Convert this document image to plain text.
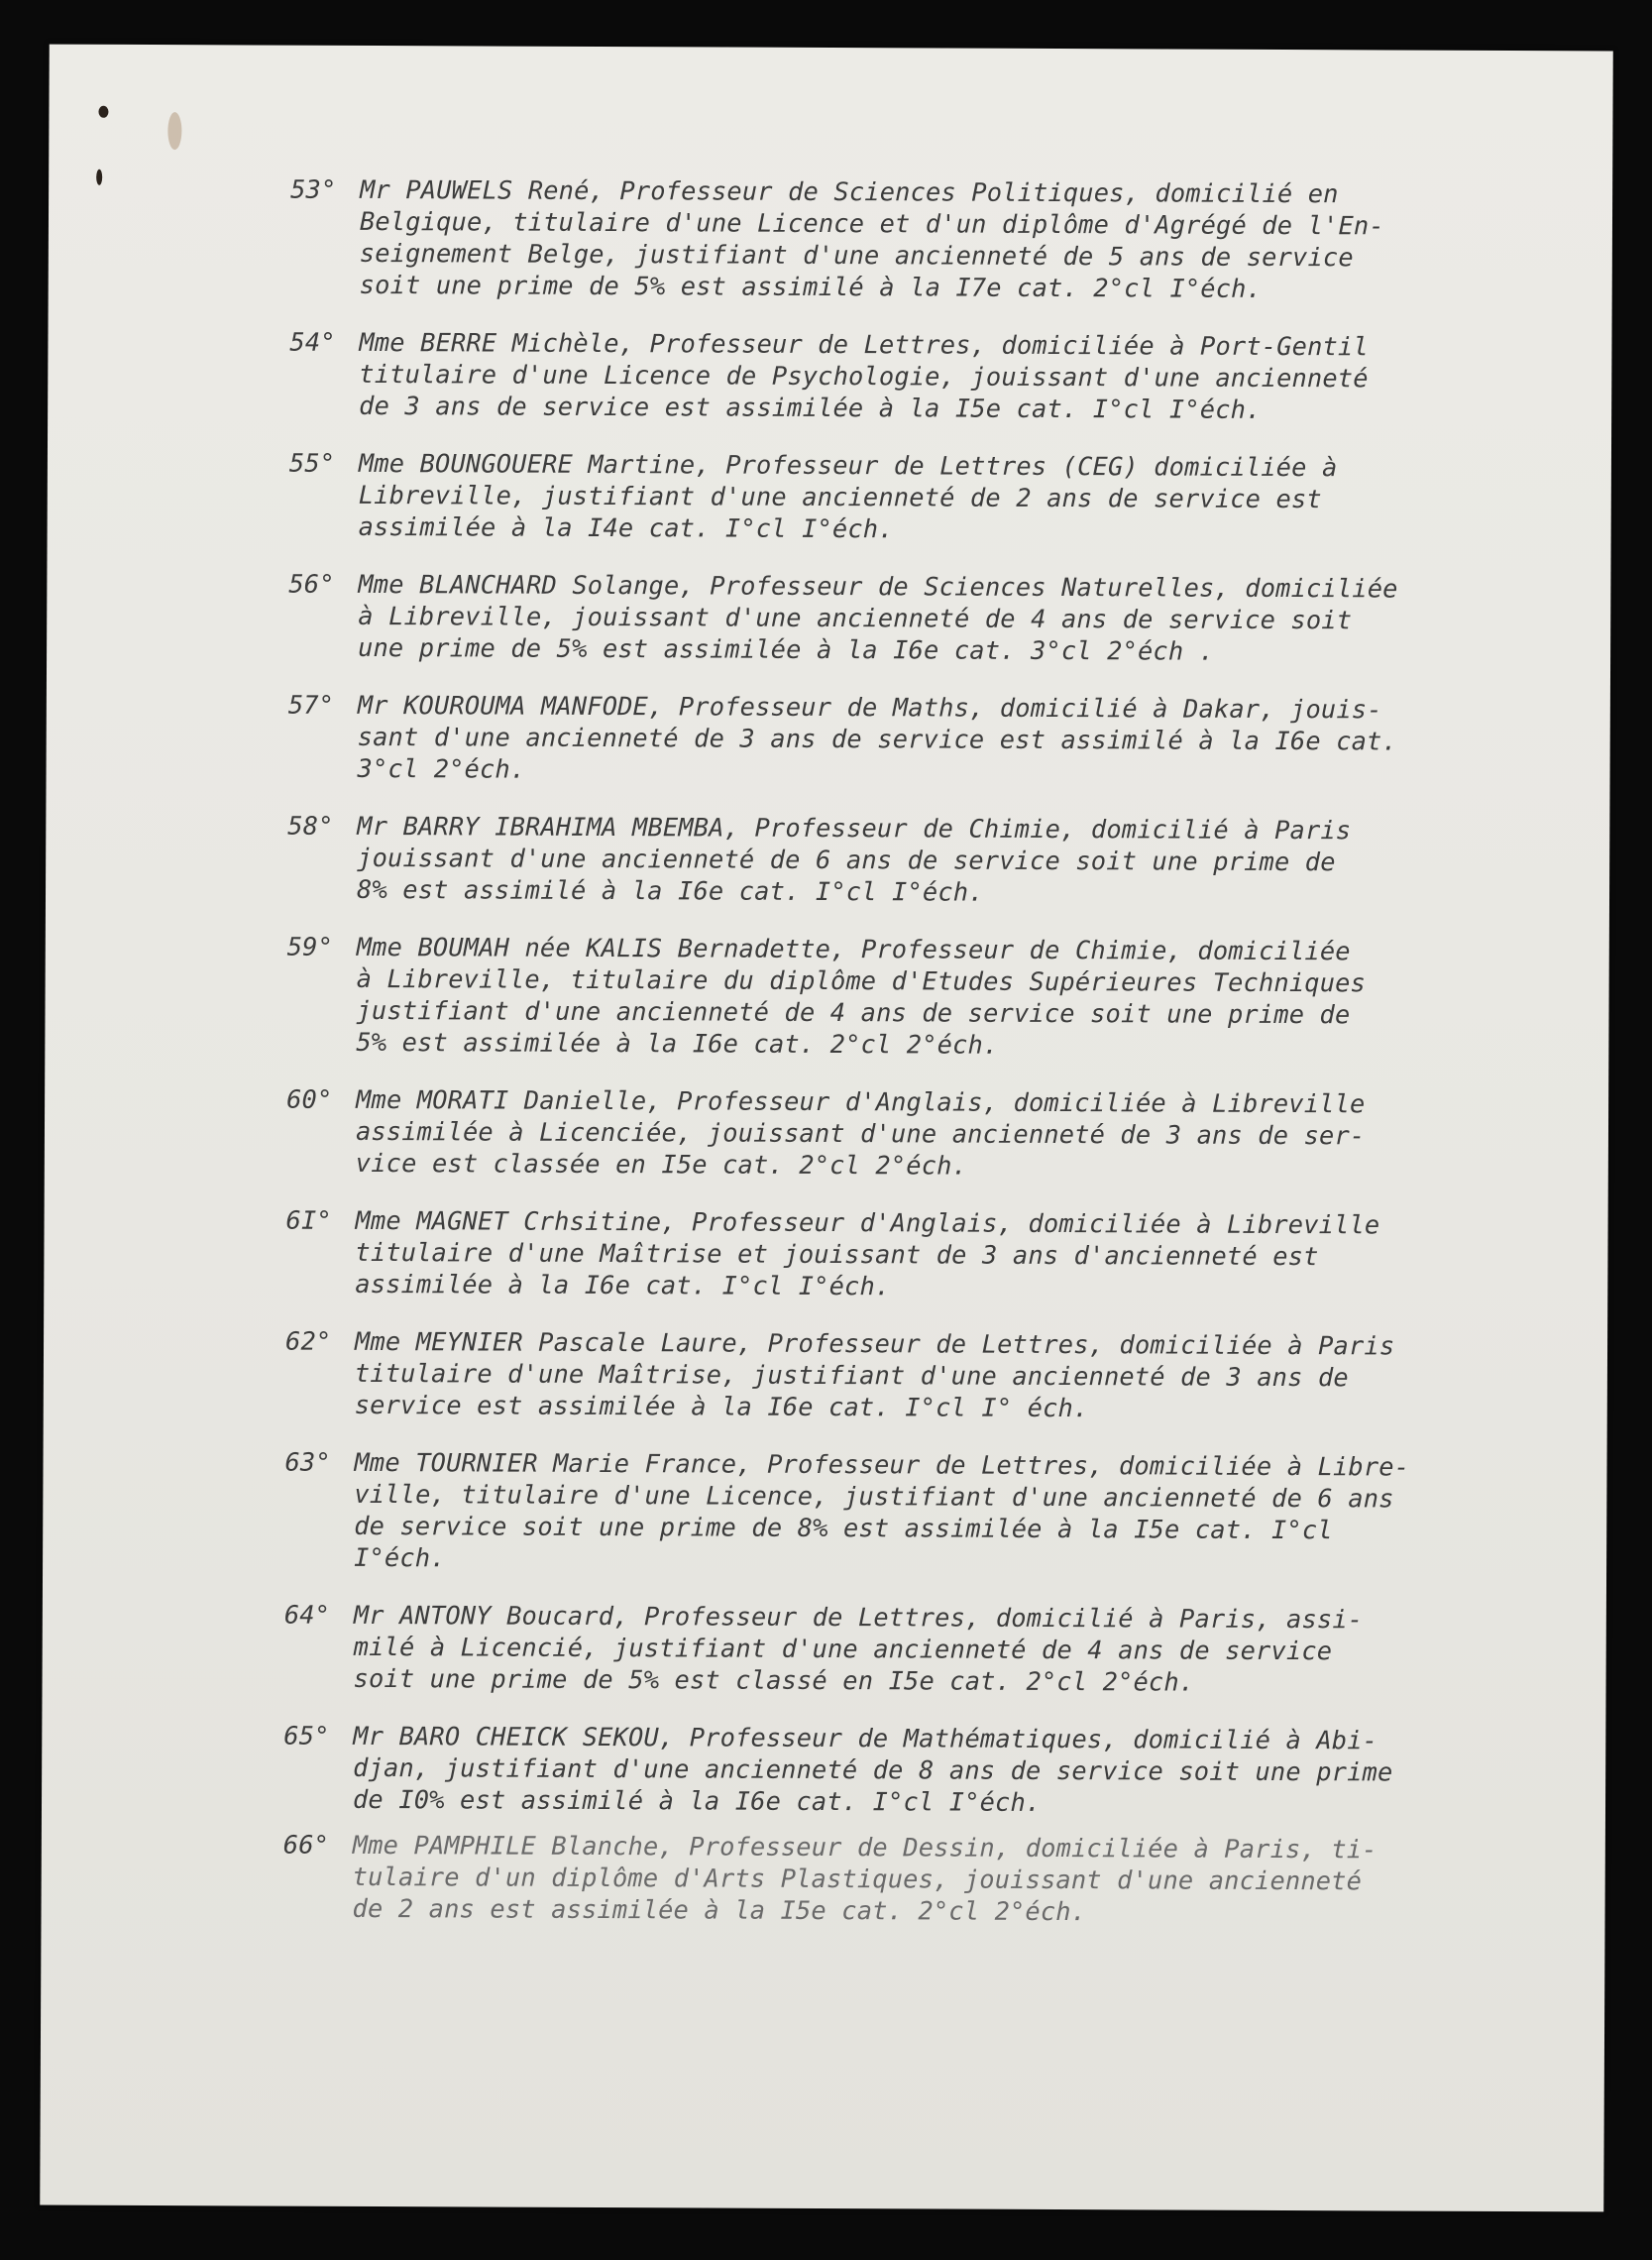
53° Mr PAUWELS René, Professeur de Sciences Politiques, domicilié en
Belgique, titulaire d'une Licence et d'un diplôme d'Agrégé de l'En-
seignement Belge, justifiant d'une ancienneté de 5 ans de service
soit une prime de 5% est assimilé à la I7e cat. 2°cl I°éch.
54° Mme BERRE Michèle, Professeur de Lettres, domiciliée à Port-Gentil
titulaire d'une Licence de Psychologie, jouissant d'une ancienneté
de 3 ans de service est assimilée à la I5e cat. I°cl I°éch.
55° Mme BOUNGOUERE Martine, Professeur de Lettres (CEG) domiciliée à
Libreville, justifiant d'une ancienneté de 2 ans de service est
assimilée à la I4e cat. I°cl I°éch.
56° Mme BLANCHARD Solange, Professeur de Sciences Naturelles, domiciliée
à Libreville, jouissant d'une ancienneté de 4 ans de service soit
une prime de 5% est assimilée à la I6e cat. 3°cl 2°éch .
57° Mr KOUROUMA MANFODE, Professeur de Maths, domicilié à Dakar, jouis-
sant d'une ancienneté de 3 ans de service est assimilé à la I6e cat.
3°cl 2°éch.
58° Mr BARRY IBRAHIMA MBEMBA, Professeur de Chimie, domicilié à Paris
jouissant d'une ancienneté de 6 ans de service soit une prime de
8% est assimilé à la I6e cat. I°cl I°éch.
59° Mme BOUMAH née KALIS Bernadette, Professeur de Chimie, domiciliée
à Libreville, titulaire du diplôme d'Etudes Supérieures Techniques
justifiant d'une ancienneté de 4 ans de service soit une prime de
5% est assimilée à la I6e cat. 2°cl 2°éch.
60° Mme MORATI Danielle, Professeur d'Anglais, domiciliée à Libreville
assimilée à Licenciée, jouissant d'une ancienneté de 3 ans de ser-
vice est classée en I5e cat. 2°cl 2°éch.
6I° Mme MAGNET Crhsitine, Professeur d'Anglais, domiciliée à Libreville
titulaire d'une Maîtrise et jouissant de 3 ans d'ancienneté est
assimilée à la I6e cat. I°cl I°éch.
62° Mme MEYNIER Pascale Laure, Professeur de Lettres, domiciliée à Paris
titulaire d'une Maîtrise, justifiant d'une ancienneté de 3 ans de
service est assimilée à la I6e cat. I°cl I° éch.
63° Mme TOURNIER Marie France, Professeur de Lettres, domiciliée à Libre-
ville, titulaire d'une Licence, justifiant d'une ancienneté de 6 ans
de service soit une prime de 8% est assimilée à la I5e cat. I°cl
I°éch.
64° Mr ANTONY Boucard, Professeur de Lettres, domicilié à Paris, assi-
milé à Licencié, justifiant d'une ancienneté de 4 ans de service
soit une prime de 5% est classé en I5e cat. 2°cl 2°éch.
65° Mr BARO CHEICK SEKOU, Professeur de Mathématiques, domicilié à Abi-
djan, justifiant d'une ancienneté de 8 ans de service soit une prime
de I0% est assimilé à la I6e cat. I°cl I°éch.
66° Mme PAMPHILE Blanche, Professeur de Dessin, domiciliée à Paris, ti-
tulaire d'un diplôme d'Arts Plastiques, jouissant d'une ancienneté
de 2 ans est assimilée à la I5e cat. 2°cl 2°éch.
